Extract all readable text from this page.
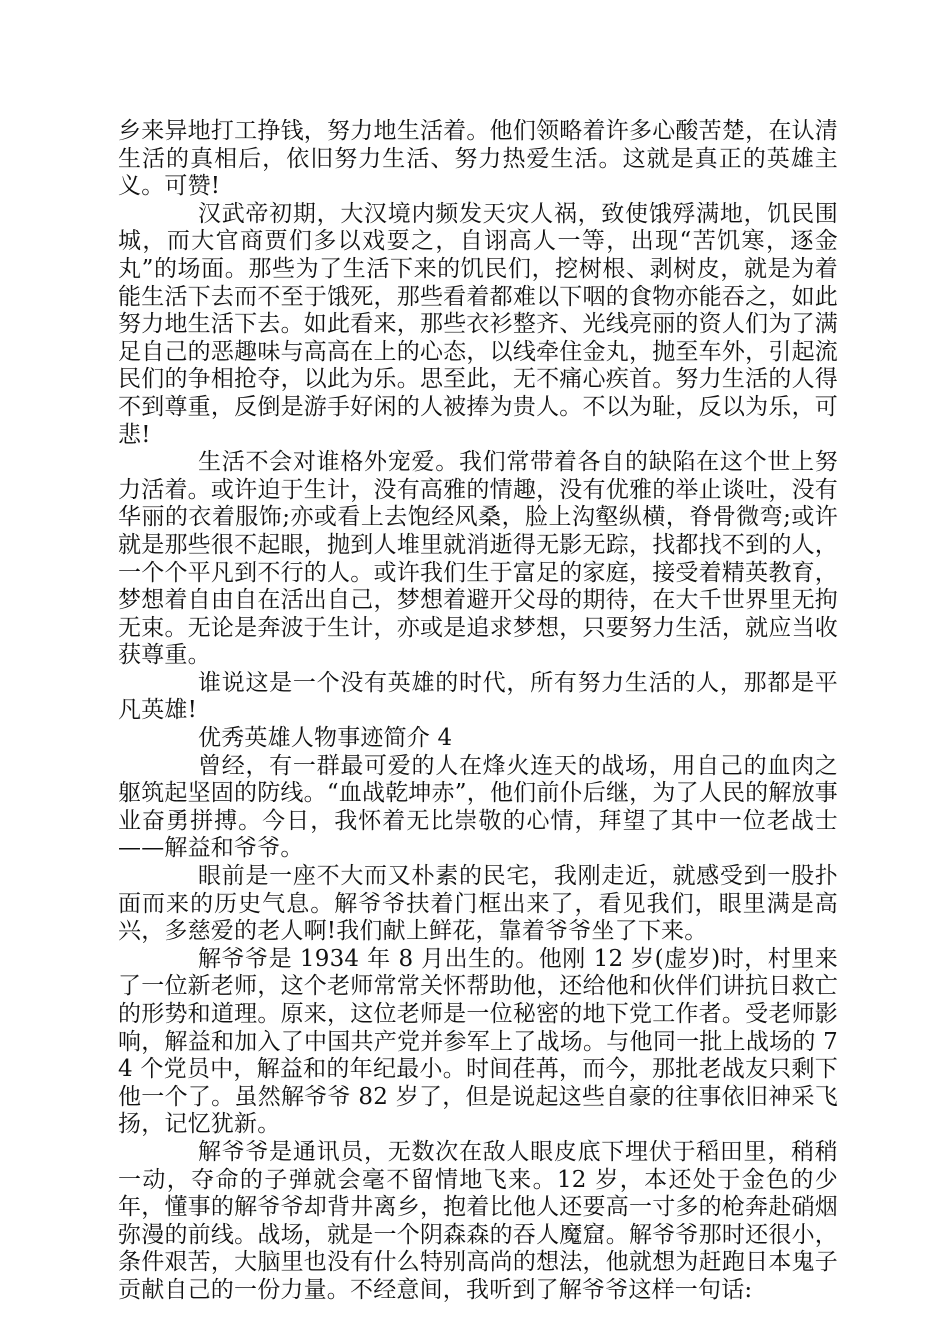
乡来异地打工挣钱，努力地生活着。他们领略着许多心酸苦楚，在认清生活的真相后，依旧努力生活、努力热爱生活。这就是真正的英雄主义。可赞!

汉武帝初期，大汉境内频发天灾人祸，致使饿殍满地，饥民围城，而大官商贾们多以戏耍之，自诩高人一等，出现“苦饥寒，逐金丸”的场面。那些为了生活下来的饥民们，挖树根、剥树皮，就是为着能生活下去而不至于饿死，那些看着都难以下咽的食物亦能吞之，如此努力地生活下去。如此看来，那些衣衫整齐、光线亮丽的资人们为了满足自己的恶趣味与高高在上的心态，以线牵住金丸，抛至车外，引起流民们的争相抢夺，以此为乐。思至此，无不痛心疾首。努力生活的人得不到尊重，反倒是游手好闲的人被捧为贵人。不以为耻，反以为乐，可悲!

生活不会对谁格外宠爱。我们常带着各自的缺陷在这个世上努力活着。或许迫于生计，没有高雅的情趣，没有优雅的举止谈吐，没有华丽的衣着服饰;亦或看上去饱经风桑，脸上沟壑纵横，脊骨微弯;或许就是那些很不起眼，抛到人堆里就消逝得无影无踪，找都找不到的人，一个个平凡到不行的人。或许我们生于富足的家庭，接受着精英教育，梦想着自由自在活出自己，梦想着避开父母的期待，在大千世界里无拘无束。无论是奔波于生计，亦或是追求梦想，只要努力生活，就应当收获尊重。

谁说这是一个没有英雄的时代，所有努力生活的人，那都是平凡英雄!

优秀英雄人物事迹简介 4

曾经，有一群最可爱的人在烽火连天的战场，用自己的血肉之躯筑起坚固的防线。“血战乾坤赤”，他们前仆后继，为了人民的解放事业奋勇拼搏。今日，我怀着无比崇敬的心情，拜望了其中一位老战士——解益和爷爷。

眼前是一座不大而又朴素的民宅，我刚走近，就感受到一股扑面而来的历史气息。解爷爷扶着门框出来了，看见我们，眼里满是高兴，多慈爱的老人啊!我们献上鲜花，靠着爷爷坐了下来。

解爷爷是 1934 年 8 月出生的。他刚 12 岁(虚岁)时，村里来了一位新老师，这个老师常常关怀帮助他，还给他和伙伴们讲抗日救亡的形势和道理。原来，这位老师是一位秘密的地下党工作者。受老师影响，解益和加入了中国共产党并参军上了战场。与他同一批上战场的 74 个党员中，解益和的年纪最小。时间荏苒，而今，那批老战友只剩下他一个了。虽然解爷爷 82 岁了，但是说起这些自豪的往事依旧神采飞扬，记忆犹新。

解爷爷是通讯员，无数次在敌人眼皮底下埋伏于稻田里，稍稍一动，夺命的子弹就会毫不留情地飞来。12 岁，本还处于金色的少年，懂事的解爷爷却背井离乡，抱着比他人还要高一寸多的枪奔赴硝烟弥漫的前线。战场，就是一个阴森森的吞人魔窟。解爷爷那时还很小，条件艰苦，大脑里也没有什么特别高尚的想法，他就想为赶跑日本鬼子贡献自己的一份力量。不经意间，我听到了解爷爷这样一句话:
